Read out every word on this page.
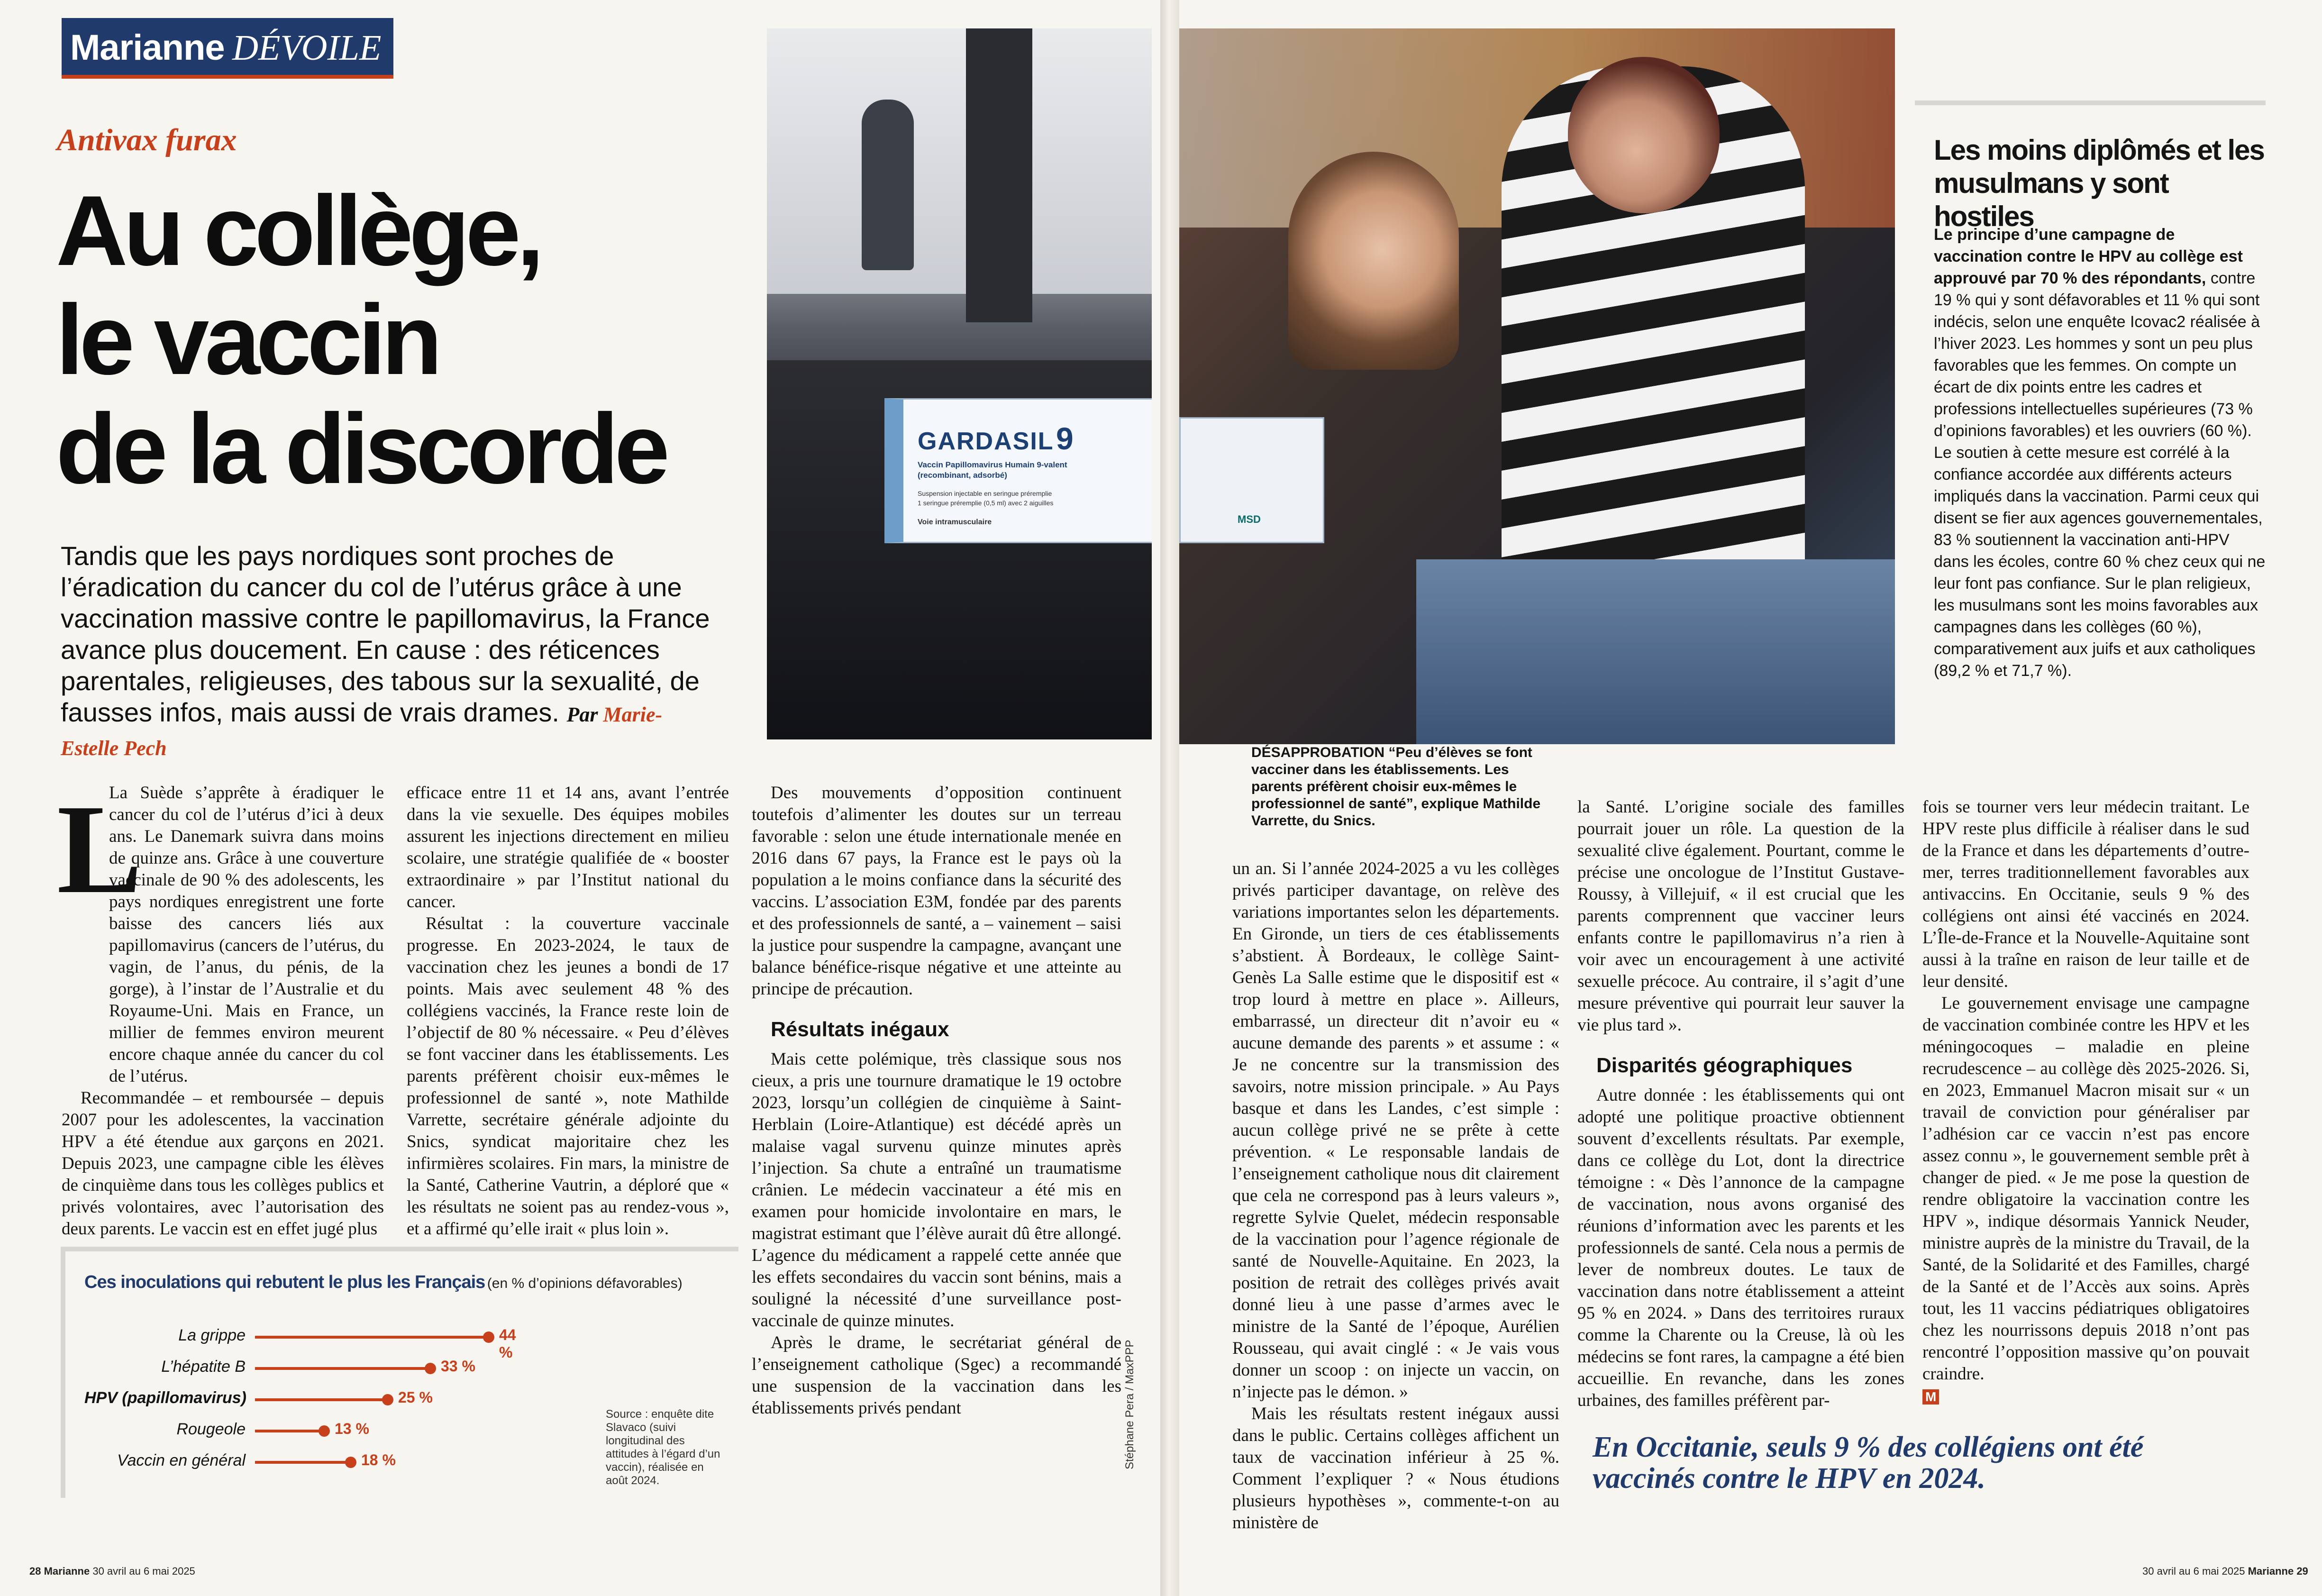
Marianne DÉVOILE
Antivax furax
Au collège,
le vaccin
de la discorde
Tandis que les pays nordiques sont proches de l’éradication du cancer du col de l’utérus grâce à une vaccination massive contre le papillomavirus, la France avance plus doucement. En cause : des réticences parentales, religieuses, des tabous sur la sexualité, de fausses infos, mais aussi de vrais drames. Par Marie-Estelle Pech
GARDASIL 9
Vaccin Papillomavirus Humain 9-valent
(recombinant, adsorbé)
Suspension injectable en seringue préremplie
1 seringue préremplie (0,5 ml) avec 2 aiguilles
Voie intramusculaire	MSD
Stéphane Pera / MaxPPP
DÉSAPPROBATION “Peu d’élèves se font vacciner dans les établissements. Les parents préfèrent choisir eux-mêmes le professionnel de santé”, explique Mathilde Varrette, du Snics.
Les moins diplômés et les musulmans y sont hostiles
Le principe d’une campagne de vaccination contre le HPV au collège est approuvé par 70 % des répondants, contre 19 % qui y sont défavorables et 11 % qui sont indécis, selon une enquête Icovac2 réalisée à l’hiver 2023. Les hommes y sont un peu plus favorables que les femmes. On compte un écart de dix points entre les cadres et professions intellectuelles supérieures (73 % d’opinions favorables) et les ouvriers (60 %). Le soutien à cette mesure est corrélé à la confiance accordée aux différents acteurs impliqués dans la vaccination. Parmi ceux qui disent se fier aux agences gouvernementales, 83 % soutiennent la vaccination anti-HPV dans les écoles, contre 60 % chez ceux qui ne leur font pas confiance. Sur le plan religieux, les musulmans sont les moins favorables aux campagnes dans les collèges (60 %), comparativement aux juifs et aux catholiques (89,2 % et 71,7 %).
L

La Suède s’apprête à éradiquer le cancer du col de l’utérus d’ici à deux ans. Le Danemark suivra dans moins de quinze ans. Grâce à une couverture vaccinale de 90 % des adolescents, les pays nordiques enregistrent une forte baisse des cancers liés aux papillomavirus (cancers de l’utérus, du vagin, de l’anus, du pénis, de la gorge), à l’instar de l’Australie et du Royaume-Uni. Mais en France, un millier de femmes environ meurent encore chaque année du cancer du col de l’utérus.

Recommandée – et remboursée – depuis 2007 pour les adolescentes, la vaccination HPV a été étendue aux garçons en 2021. Depuis 2023, une campagne cible les élèves de cinquième dans tous les collèges publics et privés volontaires, avec l’autorisation des deux parents. Le vaccin est en effet jugé plus

efficace entre 11 et 14 ans, avant l’entrée dans la vie sexuelle. Des équipes mobiles assurent les injections directement en milieu scolaire, une stratégie qualifiée de « booster extraordinaire » par l’Institut national du cancer.

Résultat : la couverture vaccinale progresse. En 2023-2024, le taux de vaccination chez les jeunes a bondi de 17 points. Mais avec seulement 48 % des collégiens vaccinés, la France reste loin de l’objectif de 80 % nécessaire. « Peu d’élèves se font vacciner dans les établissements. Les parents préfèrent choisir eux-mêmes le professionnel de santé », note Mathilde Varrette, secrétaire générale adjointe du Snics, syndicat majoritaire chez les infirmières scolaires. Fin mars, la ministre de la Santé, Catherine Vautrin, a déploré que « les résultats ne soient pas au rendez-vous », et a affirmé qu’elle irait « plus loin ».

Des mouvements d’opposition continuent toutefois d’alimenter les doutes sur un terreau favorable : selon une étude internationale menée en 2016 dans 67 pays, la France est le pays où la population a le moins confiance dans la sécurité des vaccins. L’association E3M, fondée par des parents et des professionnels de santé, a – vainement – saisi la justice pour suspendre la campagne, avançant une balance bénéfice-risque négative et une atteinte au principe de précaution.

Résultats inégaux

Mais cette polémique, très classique sous nos cieux, a pris une tournure dramatique le 19 octobre 2023, lorsqu’un collégien de cinquième à Saint-Herblain (Loire-Atlantique) est décédé après un malaise vagal survenu quinze minutes après l’injection. Sa chute a entraîné un traumatisme crânien. Le médecin vaccinateur a été mis en examen pour homicide involontaire en mars, le magistrat estimant que l’élève aurait dû être allongé. L’agence du médicament a rappelé cette année que les effets secondaires du vaccin sont bénins, mais a souligné la nécessité d’une surveillance post-vaccinale de quinze minutes.

Après le drame, le secrétariat général de l’enseignement catholique (Sgec) a recommandé une suspension de la vaccination dans les établissements privés pendant

Ces inoculations qui rebutent le plus les Français (en % d’opinions défavorables)
La grippe	44 %
L’hépatite B	33 %
HPV (papillomavirus)	25 %
Rougeole	13 %
Vaccin en général	18 %
Source : enquête dite Slavaco (suivi longitudinal des attitudes à l’égard d’un vaccin), réalisée en août 2024.

un an. Si l’année 2024-2025 a vu les collèges privés participer davantage, on relève des variations importantes selon les départements. En Gironde, un tiers de ces établissements s’abstient. À Bordeaux, le collège Saint-Genès La Salle estime que le dispositif est « trop lourd à mettre en place ». Ailleurs, embarrassé, un directeur dit n’avoir eu « aucune demande des parents » et assume : « Je ne concentre sur la transmission des savoirs, notre mission principale. » Au Pays basque et dans les Landes, c’est simple : aucun collège privé ne se prête à cette prévention. « Le responsable landais de l’enseignement catholique nous dit clairement que cela ne correspond pas à leurs valeurs », regrette Sylvie Quelet, médecin responsable de la vaccination pour l’agence régionale de santé de Nouvelle-Aquitaine. En 2023, la position de retrait des collèges privés avait donné lieu à une passe d’armes avec le ministre de la Santé de l’époque, Aurélien Rousseau, qui avait cinglé : « Je vais vous donner un scoop : on injecte un vaccin, on n’injecte pas le démon. »

Mais les résultats restent inégaux aussi dans le public. Certains collèges affichent un taux de vaccination inférieur à 25 %. Comment l’expliquer ? « Nous étudions plusieurs hypothèses », commente-t-on au ministère de

la Santé. L’origine sociale des familles pourrait jouer un rôle. La question de la sexualité clive également. Pourtant, comme le précise une oncologue de l’Institut Gustave-Roussy, à Villejuif, « il est crucial que les parents comprennent que vacciner leurs enfants contre le papillomavirus n’a rien à voir avec un encouragement à une activité sexuelle précoce. Au contraire, il s’agit d’une mesure préventive qui pourrait leur sauver la vie plus tard ».

Disparités géographiques

Autre donnée : les établissements qui ont adopté une politique proactive obtiennent souvent d’excellents résultats. Par exemple, dans ce collège du Lot, dont la directrice témoigne : « Dès l’annonce de la campagne de vaccination, nous avons organisé des réunions d’information avec les parents et les professionnels de santé. Cela nous a permis de lever de nombreux doutes. Le taux de vaccination dans notre établissement a atteint 95 % en 2024. » Dans des territoires ruraux comme la Charente ou la Creuse, là où les médecins se font rares, la campagne a été bien accueillie. En revanche, dans les zones urbaines, des familles préfèrent par-

fois se tourner vers leur médecin traitant. Le HPV reste plus difficile à réaliser dans le sud de la France et dans les départements d’outre-mer, terres traditionnellement favorables aux antivaccins. En Occitanie, seuls 9 % des collégiens ont ainsi été vaccinés en 2024. L’Île-de-France et la Nouvelle-Aquitaine sont aussi à la traîne en raison de leur taille et de leur densité.

Le gouvernement envisage une campagne de vaccination combinée contre les HPV et les méningocoques – maladie en pleine recrudescence – au collège dès 2025-2026. Si, en 2023, Emmanuel Macron misait sur « un travail de conviction pour généraliser par l’adhésion car ce vaccin n’est pas encore assez connu », le gouvernement semble prêt à changer de pied. « Je me pose la question de rendre obligatoire la vaccination contre les HPV », indique désormais Yannick Neuder, ministre auprès de la ministre du Travail, de la Santé, de la Solidarité et des Familles, chargé de la Santé et de l’Accès aux soins. Après tout, les 11 vaccins pédiatriques obligatoires chez les nourrissons depuis 2018 n’ont pas rencontré l’opposition massive qu’on pouvait craindre.

M
En Occitanie, seuls 9 % des collégiens ont été vaccinés contre le HPV en 2024.
28 Marianne 30 avril au 6 mai 2025	30 avril au 6 mai 2025 Marianne 29
